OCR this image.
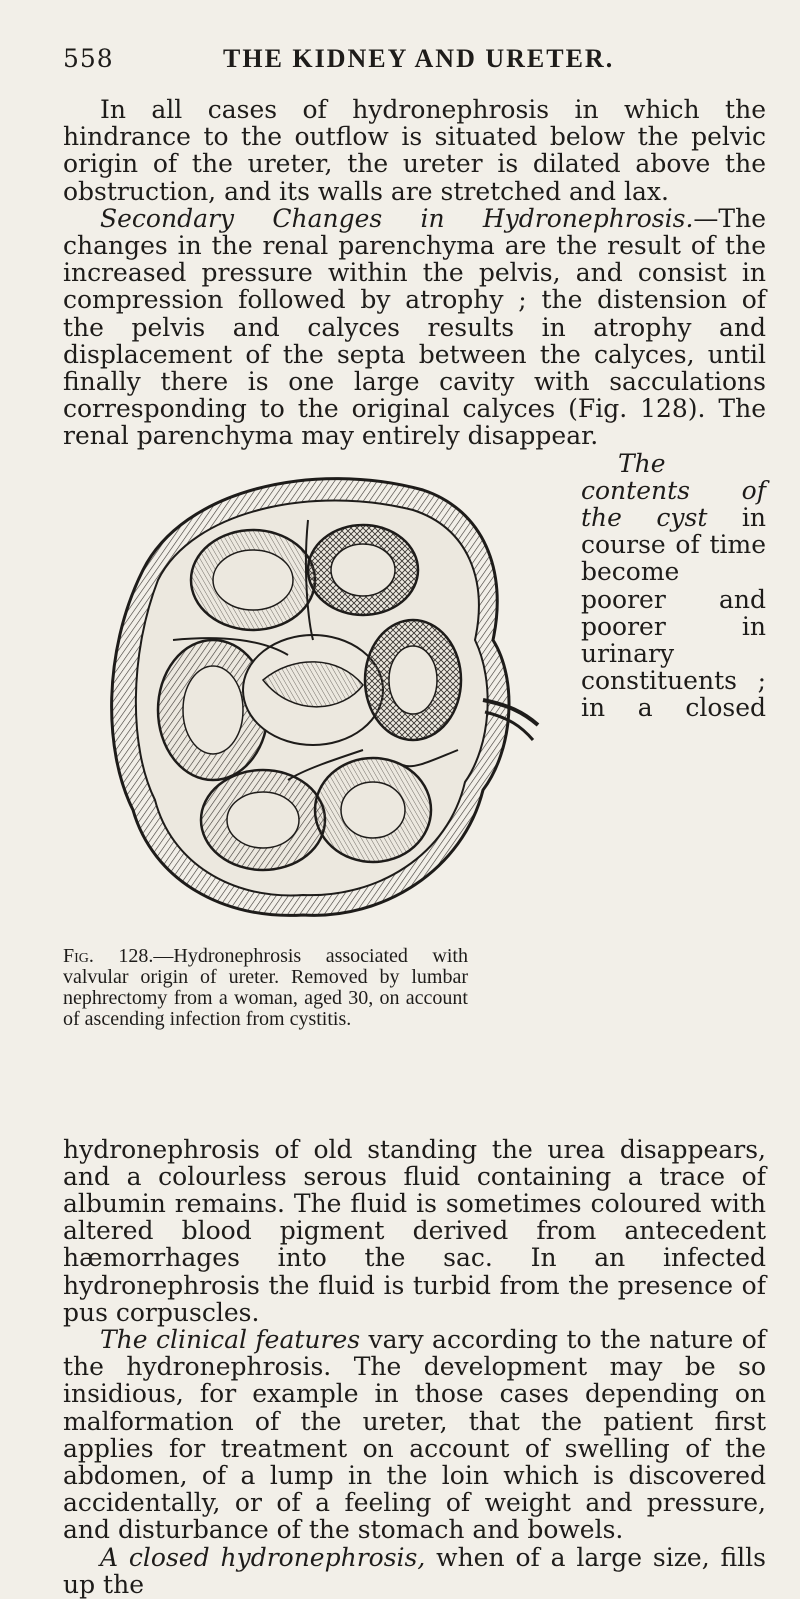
558	THE KIDNEY AND URETER.

In all cases of hydronephrosis in which the hindrance to the outflow is situated below the pelvic origin of the ureter, the ureter is dilated above the obstruction, and its walls are stretched and lax.

Secondary Changes in Hydronephrosis.—The changes in the renal parenchyma are the result of the increased pressure within the pelvis, and consist in compression followed by atrophy ; the distension of the pelvis and calyces results in atrophy and displacement of the septa between the calyces, until finally there is one large cavity with sacculations corresponding to the original calyces (Fig. 128). The renal parenchyma may entirely disappear.

Fig. 128.—Hydronephrosis associated with valvular origin of ureter. Removed by lumbar nephrectomy from a woman, aged 30, on account of ascending infection from cystitis.

The contents of the cyst in course of time become poorer and poorer in urinary constituents ; in a closed hydronephrosis of old standing the urea disappears, and a colourless serous fluid containing a trace of albumin remains. The fluid is sometimes coloured with altered blood pigment derived from antecedent hæmorrhages into the sac. In an infected hydronephrosis the fluid is turbid from the presence of pus corpuscles.

The clinical features vary according to the nature of the hydronephrosis. The development may be so insidious, for example in those cases depending on malformation of the ureter, that the patient first applies for treatment on account of swelling of the abdomen, of a lump in the loin which is discovered accidentally, or of a feeling of weight and pressure, and disturbance of the stomach and bowels.

A closed hydronephrosis, when of a large size, fills up the
